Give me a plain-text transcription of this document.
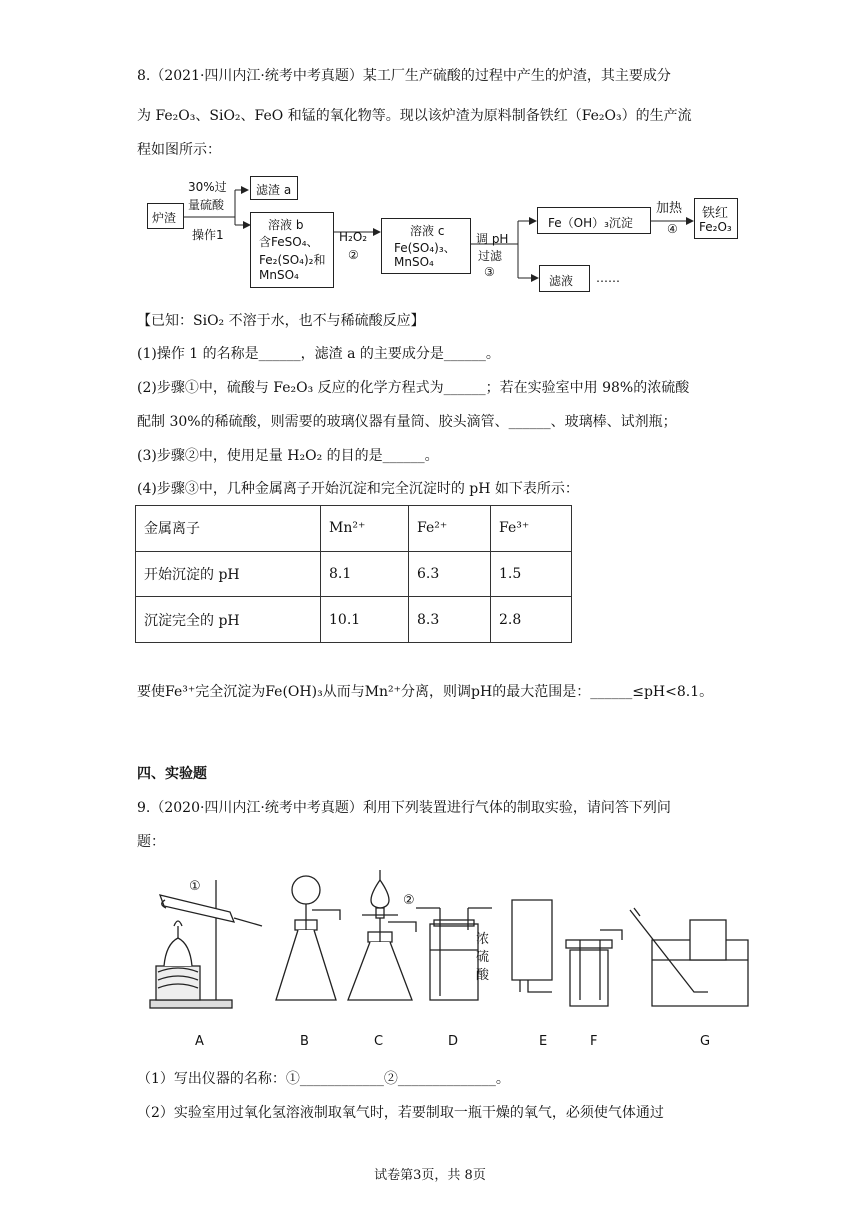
8.（2021·四川内江·统考中考真题）某工厂生产硫酸的过程中产生的炉渣，其主要成分
为 Fe₂O₃、SiO₂、FeO 和锰的氧化物等。现以该炉渣为原料制备铁红（Fe₂O₃）的生产流
程如图所示：
炉渣
30%过
量硫酸
操作1
滤渣 a
溶液 b
含FeSO₄、
Fe₂(SO₄)₂和
MnSO₄
H₂O₂
②
溶液 c
Fe(SO₄)₃、
MnSO₄
调 pH
过滤
③
Fe（OH）₃沉淀
加热
④
铁红
Fe₂O₃
滤液 ……
【已知：SiO₂ 不溶于水，也不与稀硫酸反应】
(1)操作 1 的名称是______，滤渣 a 的主要成分是______。
(2)步骤①中，硫酸与 Fe₂O₃ 反应的化学方程式为______；若在实验室中用 98%的浓硫酸
配制 30%的稀硫酸，则需要的玻璃仪器有量筒、胶头滴管、______、玻璃棒、试剂瓶；
(3)步骤②中，使用足量 H₂O₂ 的目的是______。
(4)步骤③中，几种金属离子开始沉淀和完全沉淀时的 pH 如下表所示：
金属离子	Mn²⁺	Fe²⁺	Fe³⁺
开始沉淀的 pH	8.1	6.3	1.5
沉淀完全的 pH	10.1	8.3	2.8
要使Fe³⁺完全沉淀为Fe(OH)₃从而与Mn²⁺分离，则调pH的最大范围是：______≤pH<8.1。
四、实验题
9.（2020·四川内江·统考中考真题）利用下列装置进行气体的制取实验，请问答下列问
题：
①
②
浓
硫
酸
A	B	C	D	E	F	G
（1）写出仪器的名称：①____________②______________。
（2）实验室用过氧化氢溶液制取氧气时，若要制取一瓶干燥的氧气，必须使气体通过
试卷第3页，共 8页
